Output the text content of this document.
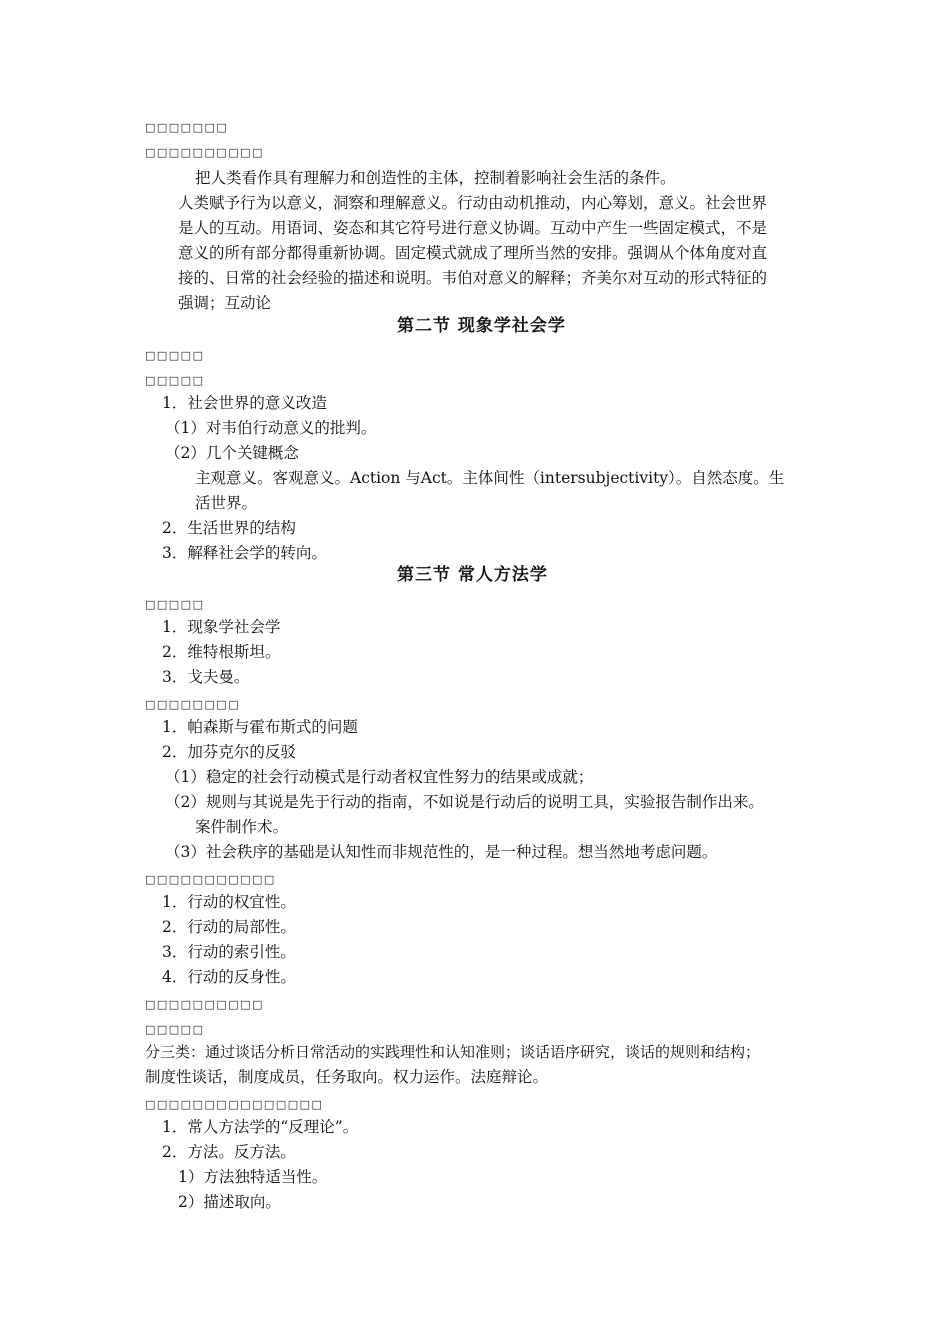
□□□□□□□
□□□□□□□□□□
把人类看作具有理解力和创造性的主体，控制着影响社会生活的条件。
人类赋予行为以意义，洞察和理解意义。行动由动机推动，内心筹划，意义。社会世界
是人的互动。用语词、姿态和其它符号进行意义协调。互动中产生一些固定模式，不是
意义的所有部分都得重新协调。固定模式就成了理所当然的安排。强调从个体角度对直
接的、日常的社会经验的描述和说明。韦伯对意义的解释；齐美尔对互动的形式特征的
强调；互动论
第二节 现象学社会学
□□□□□
□□□□□
1．社会世界的意义改造
（1）对韦伯行动意义的批判。
（2）几个关键概念
主观意义。客观意义。Action 与Act。主体间性（intersubjectivity）。自然态度。生
活世界。
2．生活世界的结构
3．解释社会学的转向。
第三节 常人方法学
□□□□□
1．现象学社会学
2．维特根斯坦。
3．戈夫曼。
□□□□□□□□
1．帕森斯与霍布斯式的问题
2．加芬克尔的反驳
（1）稳定的社会行动模式是行动者权宜性努力的结果或成就；
（2）规则与其说是先于行动的指南，不如说是行动后的说明工具，实验报告制作出来。
案件制作术。
（3）社会秩序的基础是认知性而非规范性的，是一种过程。想当然地考虑问题。
□□□□□□□□□□□
1．行动的权宜性。
2．行动的局部性。
3．行动的索引性。
4．行动的反身性。
□□□□□□□□□□
□□□□□
分三类：通过谈话分析日常活动的实践理性和认知准则；谈话语序研究，谈话的规则和结构；
制度性谈话，制度成员，任务取向。权力运作。法庭辩论。
□□□□□□□□□□□□□□□
1．常人方法学的“反理论”。
2．方法。反方法。
1）方法独特适当性。
2）描述取向。
